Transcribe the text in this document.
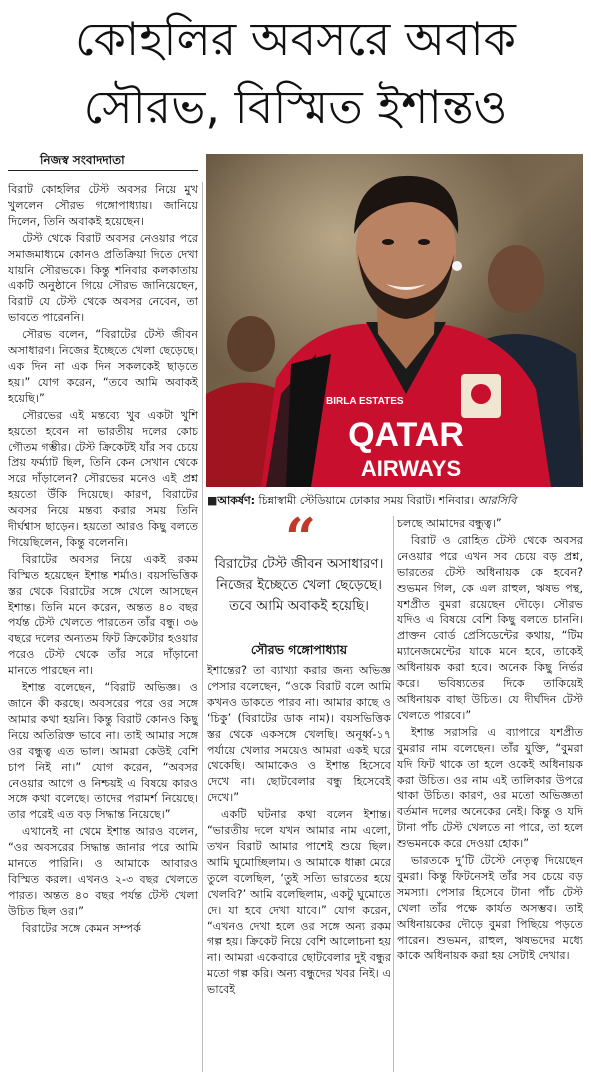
কোহলির অবসরে অবাক
সৌরভ, বিস্মিত ইশান্তও
নিজস্ব সংবাদদাতা
QATAR
AIRWAYS
BIRLA ESTATES
■আকর্ষণ: চিন্নাস্বামী স্টেডিয়ামে ঢোকার সময় বিরাট। শনিবার। আরসিবি
“
বিরাটের টেস্ট জীবন অসাধারণ। নিজের ইচ্ছেতে খেলা ছেড়েছে। তবে আমি অবাকই হয়েছি।
সৌরভ গঙ্গোপাধ্যায়

বিরাট কোহলির টেস্ট অবসর নিয়ে মুখ খুললেন সৌরভ গঙ্গোপাধ্যায়। জানিয়ে দিলেন, তিনি অবাকই হয়েছেন।

টেস্ট থেকে বিরাট অবসর নেওয়ার পরে সমাজমাধ্যমে কোনও প্রতিক্রিয়া দিতে দেখা যায়নি সৌরভকে। কিন্তু শনিবার কলকাতায় একটি অনুষ্ঠানে গিয়ে সৌরভ জানিয়েছেন, বিরাট যে টেস্ট থেকে অবসর নেবেন, তা ভাবতে পারেননি।

সৌরভ বলেন, “বিরাটের টেস্ট জীবন অসাধারণ। নিজের ইচ্ছেতে খেলা ছেড়েছে। এক দিন না এক দিন সকলকেই ছাড়তে হয়।” যোগ করেন, “তবে আমি অবাকই হয়েছি।”

সৌরভের এই মন্তব্যে খুব একটা খুশি হয়তো হবেন না ভারতীয় দলের কোচ গৌতম গম্ভীর। টেস্ট ক্রিকেটই যাঁর সব চেয়ে প্রিয় ফর্ম্যাট ছিল, তিনি কেন সেখান থেকে সরে দাঁড়ালেন? সৌরভের মনেও এই প্রশ্ন হয়তো উঁকি দিয়েছে। কারণ, বিরাটের অবসর নিয়ে মন্তব্য করার সময় তিনি দীর্ঘশ্বাস ছাড়েন। হয়তো আরও কিছু বলতে গিয়েছিলেন, কিন্তু বলেননি।

বিরাটের অবসর নিয়ে একই রকম বিস্মিত হয়েছেন ইশান্ত শর্মাও। বয়সভিত্তিক স্তর থেকে বিরাটের সঙ্গে খেলে আসছেন ইশান্ত। তিনি মনে করেন, অন্তত ৪০ বছর পর্যন্ত টেস্ট খেলতে পারতেন তাঁর বন্ধু। ৩৬ বছরে দলের অন্যতম ফিট ক্রিকেটার হওয়ার পরেও টেস্ট থেকে তাঁর সরে দাঁড়ানো মানতে পারছেন না।

ইশান্ত বলেছেন, “বিরাট অভিজ্ঞ। ও জানে কী করছে। অবসরের পরে ওর সঙ্গে আমার কথা হয়নি। কিন্তু বিরাট কোনও কিছু নিয়ে অতিরিক্ত ভাবে না। তাই আমার সঙ্গে ওর বন্ধুত্ব এত ভাল। আমরা কেউই বেশি চাপ নিই না।” যোগ করেন, “অবসর নেওয়ার আগে ও নিশ্চয়ই এ বিষয়ে কারও সঙ্গে কথা বলেছে। তাদের পরামর্শ নিয়েছে। তার পরেই এত বড় সিদ্ধান্ত নিয়েছে।”

এখানেই না থেমে ইশান্ত আরও বলেন, “ওর অবসরের সিদ্ধান্ত জানার পরে আমি মানতে পারিনি। ও আমাকে আবারও বিস্মিত করল। এখনও ২-৩ বছর খেলতে পারত। অন্তত ৪০ বছর পর্যন্ত টেস্ট খেলা উচিত ছিল ওর।”

বিরাটের সঙ্গে কেমন সম্পর্ক

ইশান্তের? তা ব্যাখ্যা করার জন্য অভিজ্ঞ পেসার বলেছেন, “ওকে বিরাট বলে আমি কখনও ডাকতে পারব না। আমার কাছে ও ‘চিকু’ (বিরাটের ডাক নাম)। বয়সভিত্তিক স্তর থেকে একসঙ্গে খেলছি। অনূর্ধ্ব-১৭ পর্যায়ে খেলার সময়েও আমরা একই ঘরে থেকেছি। আমাকেও ও ইশান্ত হিসেবে দেখে না। ছোটবেলার বন্ধু হিসেবেই দেখে।”

একটি ঘটনার কথা বলেন ইশান্ত। “ভারতীয় দলে যখন আমার নাম এলো, তখন বিরাট আমার পাশেই শুয়ে ছিল। আমি ঘুমোচ্ছিলাম। ও আমাকে ধাক্কা মেরে তুলে বলেছিল, ‘তুই সত্যি ভারতের হয়ে খেলবি?’ আমি বলেছিলাম, একটু ঘুমোতে দে। যা হবে দেখা যাবে।” যোগ করেন, “এখনও দেখা হলে ওর সঙ্গে অন্য রকম গল্প হয়। ক্রিকেট নিয়ে বেশি আলোচনা হয় না। আমরা একেবারে ছোটবেলার দুই বন্ধুর মতো গল্প করি। অন্য বন্ধুদের খবর নিই। এ ভাবেই

চলছে আমাদের বন্ধুত্ব।”

বিরাট ও রোহিত টেস্ট থেকে অবসর নেওয়ার পরে এখন সব চেয়ে বড় প্রশ্ন, ভারতের টেস্ট অধিনায়ক কে হবেন? শুভমন গিল, কে এল রাহুল, ঋষভ পন্থ, যশপ্রীত বুমরা রয়েছেন দৌড়ে। সৌরভ যদিও এ বিষয়ে বেশি কিছু বলতে চাননি। প্রাক্তন বোর্ড প্রেসিডেন্টের কথায়, “টিম ম্যানেজমেন্টের যাকে মনে হবে, তাকেই অধিনায়ক করা হবে। অনেক কিছু নির্ভর করে। ভবিষ্যতের দিকে তাকিয়েই অধিনায়ক বাছা উচিত। যে দীর্ঘদিন টেস্ট খেলতে পারবে।”

ইশান্ত সরাসরি এ ব্যাপারে যশপ্রীত বুমরার নাম বলেছেন। তাঁর যুক্তি, “বুমরা যদি ফিট থাকে তা হলে ওকেই অধিনায়ক করা উচিত। ওর নাম এই তালিকার উপরে থাকা উচিত। কারণ, ওর মতো অভিজ্ঞতা বর্তমান দলের অনেকের নেই। কিন্তু ও যদি টানা পাঁচ টেস্ট খেলতে না পারে, তা হলে শুভমনকে করে দেওয়া হোক।”

ভারতকে দু’টি টেস্টে নেতৃত্ব দিয়েছেন বুমরা। কিন্তু ফিটনেসই তাঁর সব চেয়ে বড় সমস্যা। পেসার হিসেবে টানা পাঁচ টেস্ট খেলা তাঁর পক্ষে কার্যত অসম্ভব। তাই অধিনায়কের দৌড়ে বুমরা পিছিয়ে পড়তে পারেন। শুভমন, রাহুল, ঋষভদের মধ্যে কাকে অধিনায়ক করা হয় সেটাই দেখার।
